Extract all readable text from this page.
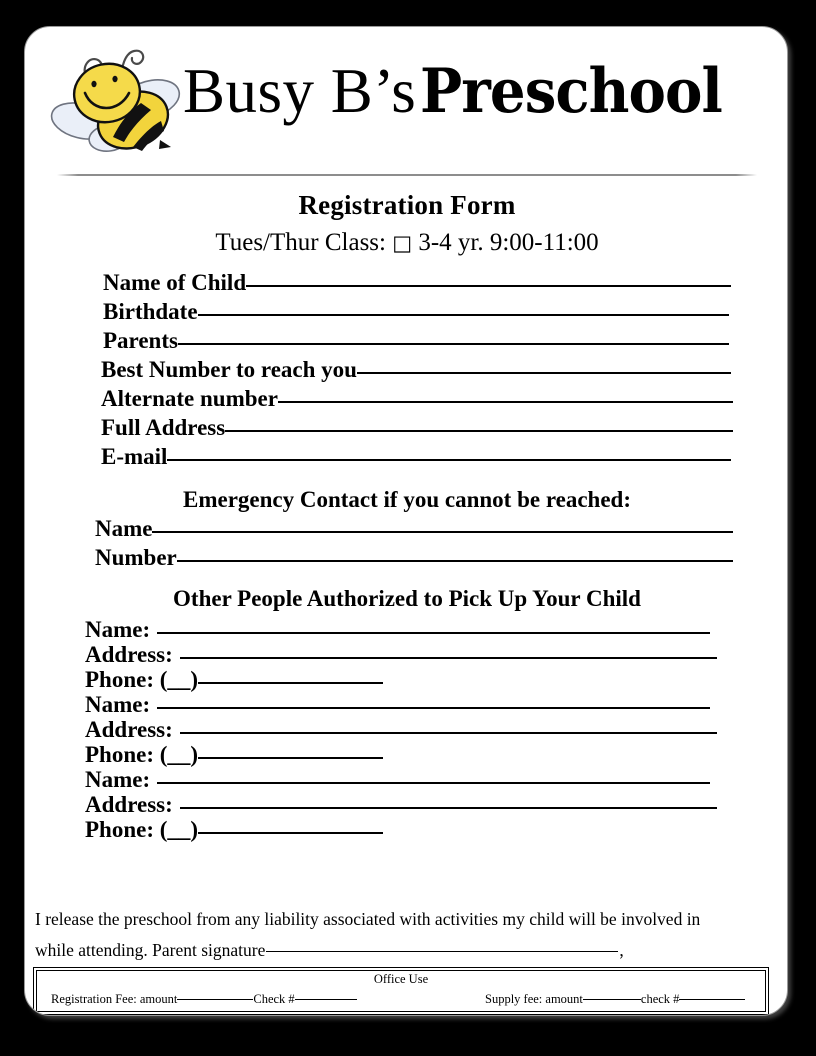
Busy B’s Preschool
Registration Form
Tues/Thur Class: □ 3-4 yr. 9:00-11:00
Name of Child
Birthdate
Parents
Best Number to reach you
Alternate number
Full Address
E-mail
Emergency Contact if you cannot be reached:
Name
Number
Other People Authorized to Pick Up Your Child
Name:
Address:
Phone: (__)
Name:
Address:
Phone: (__)
Name:
Address:
Phone: (__)
I release the preschool from any liability associated with activities my child will be involved in
while attending. Parent signature	,
Office Use
Registration Fee: amount	Check #	Supply fee: amount	check #
